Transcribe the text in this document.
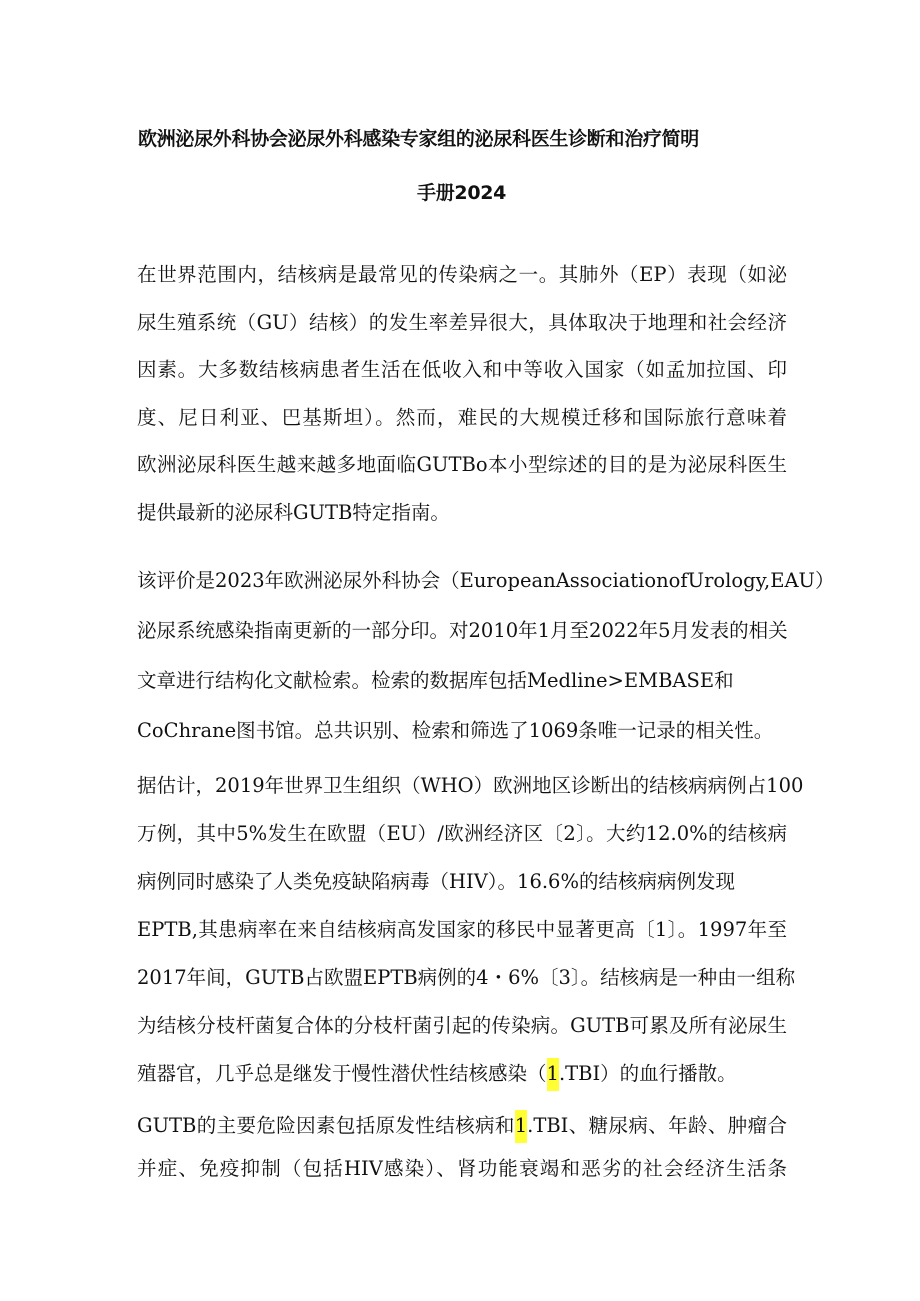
欧洲泌尿外科协会泌尿外科感染专家组的泌尿科医生诊断和治疗简明
手册2024

在世界范围内，结核病是最常见的传染病之一。其肺外（EP）表现（如泌
尿生殖系统（GU）结核）的发生率差异很大，具体取决于地理和社会经济
因素。大多数结核病患者生活在低收入和中等收入国家（如孟加拉国、印
度、尼日利亚、巴基斯坦）。然而，难民的大规模迁移和国际旅行意味着
欧洲泌尿科医生越来越多地面临GUTBo本小型综述的目的是为泌尿科医生
提供最新的泌尿科GUTB特定指南。

该评价是2023年欧洲泌尿外科协会（EuropeanAssociationofUrology,EAU）
泌尿系统感染指南更新的一部分印。对2010年1月至2022年5月发表的相关
文章进行结构化文献检索。检索的数据库包括Medline>EMBASE和
CoChrane图书馆。总共识别、检索和筛选了1069条唯一记录的相关性。

据估计，2019年世界卫生组织（WHO）欧洲地区诊断出的结核病病例占100
万例，其中5%发生在欧盟（EU）/欧洲经济区〔2〕。大约12.0%的结核病
病例同时感染了人类免疫缺陷病毒（HIV）。16.6%的结核病病例发现
EPTB,其患病率在来自结核病高发国家的移民中显著更高〔1〕。1997年至
2017年间，GUTB占欧盟EPTB病例的4・6%〔3〕。结核病是一种由一组称
为结核分枝杆菌复合体的分枝杆菌引起的传染病。GUTB可累及所有泌尿生
殖器官，几乎总是继发于慢性潜伏性结核感染（1.TBI）的血行播散。

GUTB的主要危险因素包括原发性结核病和1.TBI、糖尿病、年龄、肿瘤合
并症、免疫抑制（包括HIV感染）、肾功能衰竭和恶劣的社会经济生活条
